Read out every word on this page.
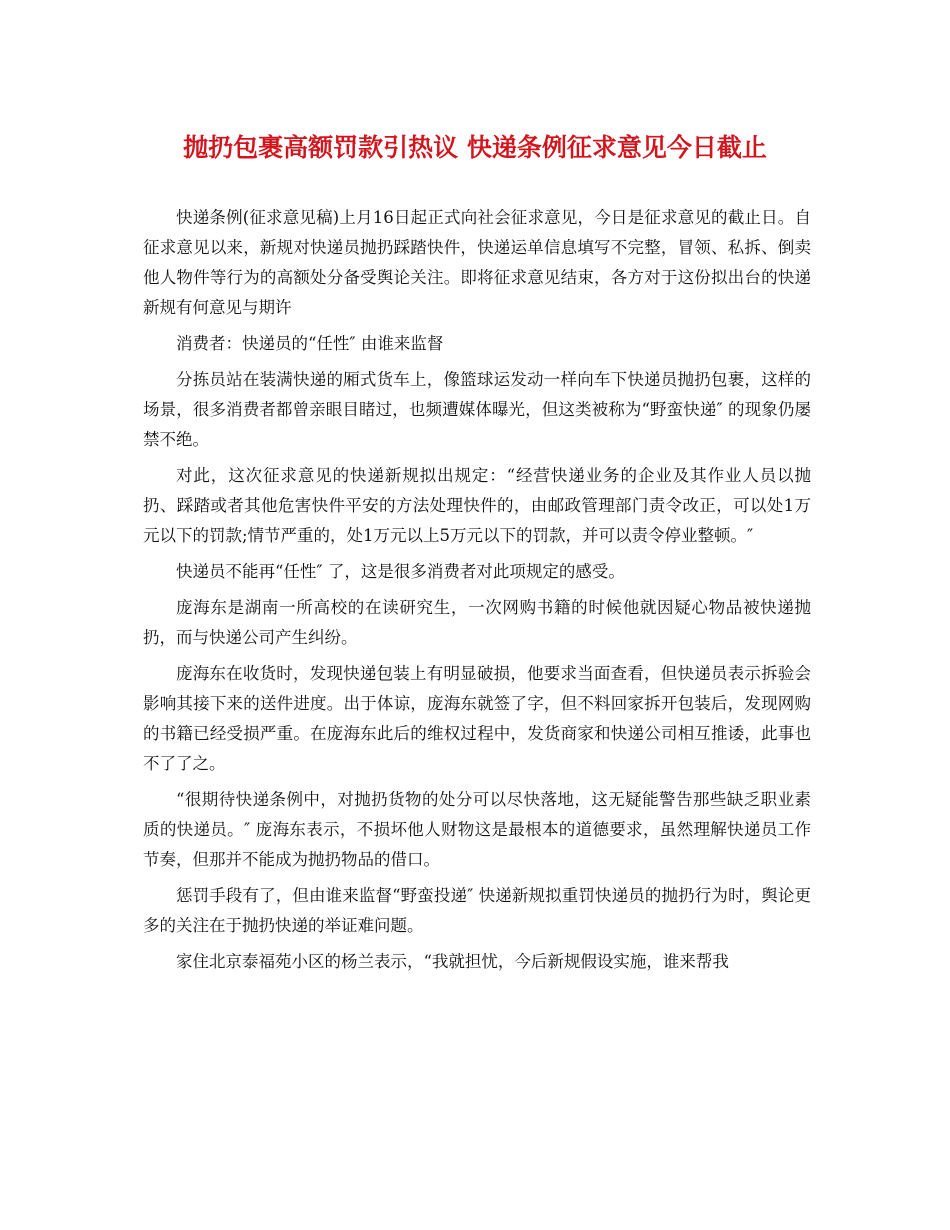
抛扔包裹高额罚款引热议 快递条例征求意见今日截止

快递条例(征求意见稿)上月16日起正式向社会征求意见，今日是征求意见的截止日。自征求意见以来，新规对快递员抛扔踩踏快件，快递运单信息填写不完整，冒领、私拆、倒卖他人物件等行为的高额处分备受舆论关注。即将征求意见结束，各方对于这份拟出台的快递新规有何意见与期许

消费者：快递员的“任性″ 由谁来监督

分拣员站在装满快递的厢式货车上，像篮球运发动一样向车下快递员抛扔包裹，这样的场景，很多消费者都曾亲眼目睹过，也频遭媒体曝光，但这类被称为“野蛮快递″ 的现象仍屡禁不绝。

对此，这次征求意见的快递新规拟出规定：“经营快递业务的企业及其作业人员以抛扔、踩踏或者其他危害快件平安的方法处理快件的，由邮政管理部门责令改正，可以处1万元以下的罚款;情节严重的，处1万元以上5万元以下的罚款，并可以责令停业整顿。″

快递员不能再“任性″ 了，这是很多消费者对此项规定的感受。

庞海东是湖南一所高校的在读研究生，一次网购书籍的时候他就因疑心物品被快递抛扔，而与快递公司产生纠纷。

庞海东在收货时，发现快递包装上有明显破损，他要求当面查看，但快递员表示拆验会影响其接下来的送件进度。出于体谅，庞海东就签了字，但不料回家拆开包装后，发现网购的书籍已经受损严重。在庞海东此后的维权过程中，发货商家和快递公司相互推诿，此事也不了了之。

“很期待快递条例中，对抛扔货物的处分可以尽快落地，这无疑能警告那些缺乏职业素质的快递员。″ 庞海东表示，不损坏他人财物这是最根本的道德要求，虽然理解快递员工作节奏，但那并不能成为抛扔物品的借口。

惩罚手段有了，但由谁来监督“野蛮投递″ 快递新规拟重罚快递员的抛扔行为时，舆论更多的关注在于抛扔快递的举证难问题。

家住北京泰福苑小区的杨兰表示，“我就担忧，今后新规假设实施，谁来帮我
